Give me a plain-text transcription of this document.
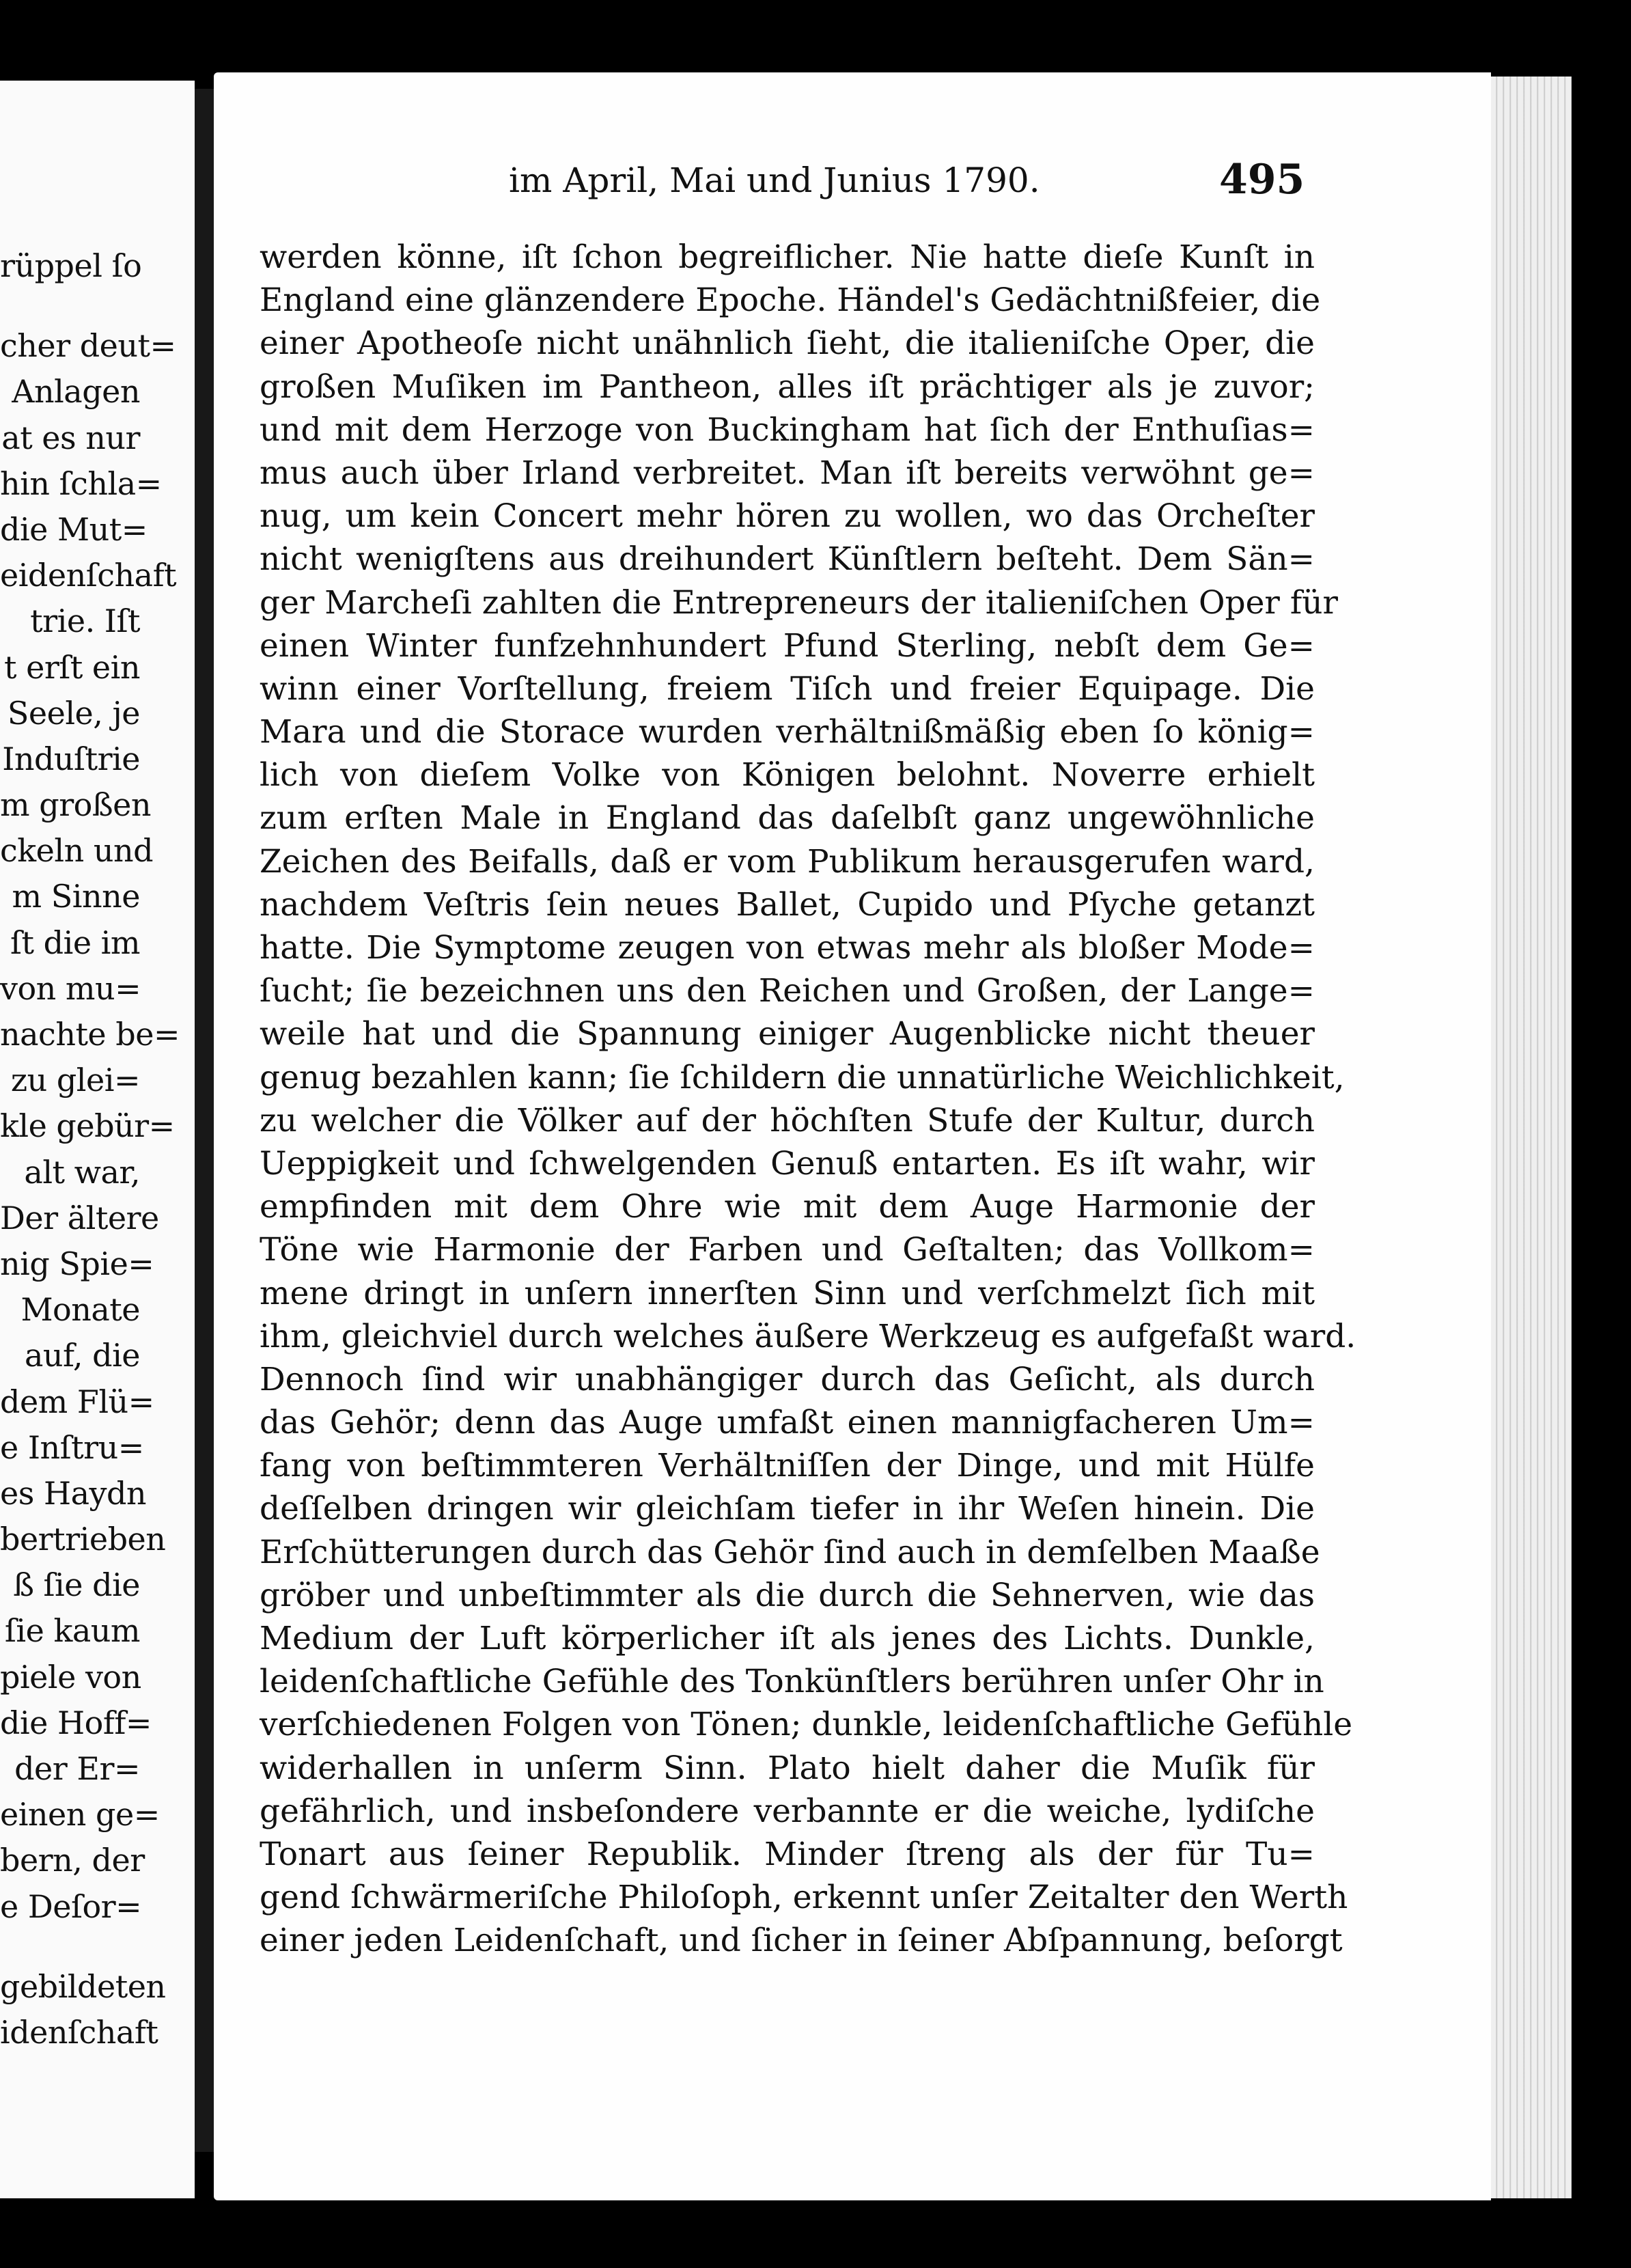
rüppel ſo
cher deut=
Anlagen
at es nur
hin ſchla=
die Mut=
eidenſchaft
trie. Iſt
t erſt ein
Seele, je
Induſtrie
m großen
ckeln und
m Sinne
ſt die im
von mu=
nachte be=
zu glei=
kle gebür=
alt war,
Der ältere
nig Spie=
Monate
auf, die
dem Flü=
e Inſtru=
es Haydn
bertrieben
ß ſie die
ſie kaum
piele von
die Hoff=
der Er=
einen ge=
bern, der
e Deſor=
gebildeten
idenſchaft
im April, Mai und Junius 1790.	495
werden könne, iſt ſchon begreiflicher. Nie hatte dieſe Kunſt in
England eine glänzendere Epoche. Händel's Gedächtnißfeier, die
einer Apotheoſe nicht unähnlich ſieht, die italieniſche Oper, die
großen Muſiken im Pantheon, alles iſt prächtiger als je zuvor;
und mit dem Herzoge von Buckingham hat ſich der Enthuſias=
mus auch über Irland verbreitet. Man iſt bereits verwöhnt ge=
nug, um kein Concert mehr hören zu wollen, wo das Orcheſter
nicht wenigſtens aus dreihundert Künſtlern beſteht. Dem Sän=
ger Marcheſi zahlten die Entrepreneurs der italieniſchen Oper für
einen Winter funfzehnhundert Pfund Sterling, nebſt dem Ge=
winn einer Vorſtellung, freiem Tiſch und freier Equipage. Die
Mara und die Storace wurden verhältnißmäßig eben ſo könig=
lich von dieſem Volke von Königen belohnt. Noverre erhielt
zum erſten Male in England das daſelbſt ganz ungewöhnliche
Zeichen des Beifalls, daß er vom Publikum herausgerufen ward,
nachdem Veſtris ſein neues Ballet, Cupido und Pſyche getanzt
hatte. Die Symptome zeugen von etwas mehr als bloßer Mode=
ſucht; ſie bezeichnen uns den Reichen und Großen, der Lange=
weile hat und die Spannung einiger Augenblicke nicht theuer
genug bezahlen kann; ſie ſchildern die unnatürliche Weichlichkeit,
zu welcher die Völker auf der höchſten Stufe der Kultur, durch
Ueppigkeit und ſchwelgenden Genuß entarten. Es iſt wahr, wir
empfinden mit dem Ohre wie mit dem Auge Harmonie der
Töne wie Harmonie der Farben und Geſtalten; das Vollkom=
mene dringt in unſern innerſten Sinn und verſchmelzt ſich mit
ihm, gleichviel durch welches äußere Werkzeug es aufgefaßt ward.
Dennoch ſind wir unabhängiger durch das Geſicht, als durch
das Gehör; denn das Auge umfaßt einen mannigfacheren Um=
fang von beſtimmteren Verhältniſſen der Dinge, und mit Hülfe
deſſelben dringen wir gleichſam tiefer in ihr Weſen hinein. Die
Erſchütterungen durch das Gehör ſind auch in demſelben Maaße
gröber und unbeſtimmter als die durch die Sehnerven, wie das
Medium der Luft körperlicher iſt als jenes des Lichts. Dunkle,
leidenſchaftliche Gefühle des Tonkünſtlers berühren unſer Ohr in
verſchiedenen Folgen von Tönen; dunkle, leidenſchaftliche Gefühle
widerhallen in unſerm Sinn. Plato hielt daher die Muſik für
gefährlich, und insbeſondere verbannte er die weiche, lydiſche
Tonart aus ſeiner Republik. Minder ſtreng als der für Tu=
gend ſchwärmeriſche Philoſoph, erkennt unſer Zeitalter den Werth
einer jeden Leidenſchaft, und ſicher in ſeiner Abſpannung, beſorgt
